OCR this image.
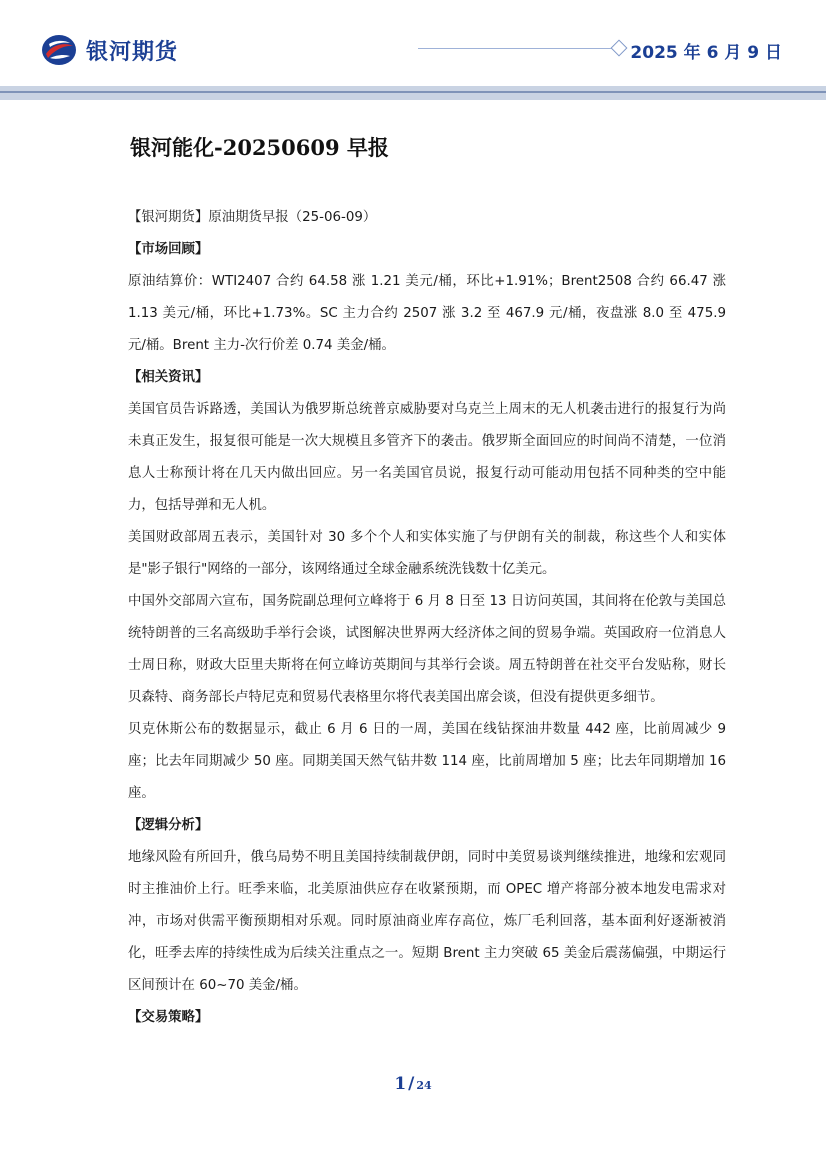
银河期货	2025 年 6 月 9 日
银河能化-20250609 早报

【银河期货】原油期货早报（25-06-09）

【市场回顾】

原油结算价：WTI2407 合约 64.58 涨 1.21 美元/桶，环比+1.91%；Brent2508 合约 66.47 涨 1.13 美元/桶，环比+1.73%。SC 主力合约 2507 涨 3.2 至 467.9 元/桶，夜盘涨 8.0 至 475.9 元/桶。Brent 主力-次行价差 0.74 美金/桶。

【相关资讯】

美国官员告诉路透，美国认为俄罗斯总统普京威胁要对乌克兰上周末的无人机袭击进行的报复行为尚未真正发生，报复很可能是一次大规模且多管齐下的袭击。俄罗斯全面回应的时间尚不清楚，一位消息人士称预计将在几天内做出回应。另一名美国官员说，报复行动可能动用包括不同种类的空中能力，包括导弹和无人机。

美国财政部周五表示，美国针对 30 多个个人和实体实施了与伊朗有关的制裁，称这些个人和实体是"影子银行"网络的一部分，该网络通过全球金融系统洗钱数十亿美元。

中国外交部周六宣布，国务院副总理何立峰将于 6 月 8 日至 13 日访问英国，其间将在伦敦与美国总统特朗普的三名高级助手举行会谈，试图解决世界两大经济体之间的贸易争端。英国政府一位消息人士周日称，财政大臣里夫斯将在何立峰访英期间与其举行会谈。周五特朗普在社交平台发贴称，财长贝森特、商务部长卢特尼克和贸易代表格里尔将代表美国出席会谈，但没有提供更多细节。

贝克休斯公布的数据显示，截止 6 月 6 日的一周，美国在线钻探油井数量 442 座，比前周减少 9 座；比去年同期减少 50 座。同期美国天然气钻井数 114 座，比前周增加 5 座；比去年同期增加 16 座。

【逻辑分析】

地缘风险有所回升，俄乌局势不明且美国持续制裁伊朗，同时中美贸易谈判继续推进，地缘和宏观同时主推油价上行。旺季来临，北美原油供应存在收紧预期，而 OPEC 增产将部分被本地发电需求对冲，市场对供需平衡预期相对乐观。同时原油商业库存高位，炼厂毛利回落，基本面利好逐渐被消化，旺季去库的持续性成为后续关注重点之一。短期 Brent 主力突破 65 美金后震荡偏强，中期运行区间预计在 60~70 美金/桶。

【交易策略】

1 / 24
